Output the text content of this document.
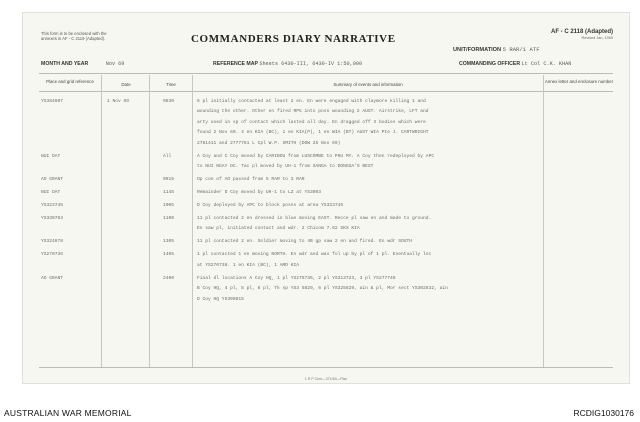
This form is to be enclosed with the annexes in AF - C 2119 (Adapted).	COMMANDERS DIARY NARRATIVE
AF - C 2118 (Adapted)
Revised Jan, 1969
UNIT/FORMATION 5 RAR/1 ATF
MONTH AND YEAR	Nov 69	REFERENCE MAP Sheets 6430-III, 6430-IV 1:50,000	COMMANDING OFFICER Lt Col C.K. KHAN
Place and grid reference
Date	Time	Summary of events and information
Annex letter and enclosure number
1 R P Ckm—371/69—Plac
YS384607	1 Nov 69	0830	6 pl initially contacted at least 2 en. En were engaged with claymore killing 1 and
wounding the other. Other en fired RPG into posn wounding 2 AUST. Airstrike, LFT and
arty used in sp of contact which lasted all day. En dragged off 3 bodies which were
found 2 Nov 69. 4 en KIA (BC), 1 en KIA(P), 1 en WIA (BT) AUST WIA Pte J. CARTWRIGHT
2781411 and 2777781 L Cpl W.P. SMITH (DOW 25 Nov 69)
NUI DAT	All	A Coy and C Coy moved by CARIBOU from LUSCOMBE to PHU MY. A Coy then redeployed by APC
to NUI NGAY DC. Tac pl moved by UH-1 from SANGA to DONGGA'S BEST
AO GRANT	0915	Op con of AO passed from 5 RAR to 3 RAR
NUI DAT	1145	Remainder D Coy moved by UH-1 to LZ at YS3083
YS323745	1005	D Coy deployed by APC to block posns at area YS323745
YS330763	1100	11 pl contacted 2 en dressed in blue moving EAST. Recce pl saw en and made to ground.
En saw pl, initiated contact and wdr. 2 Chicom 7.62 SKS KIA
YS324678	1305	11 pl contacted 2 en. Soldier moving to 4B gp saw 2 en and fired. En wdr SOUTH
YS270736	1405	1 pl contacted 1 en moving NORTH. En wdr and was fol up by pl of 1 pl. Eventually loc
at YS270738. 1 en KIA (BC), 1 AMD KIA
AO GRANT	2400	Final dl locations A Coy HQ, 1 pl YS275735, 2 pl YS313723, 3 pl YS277746
B Coy HQ, 4 pl, 5 pl, 6 pl, Tk sp YS3 5829, 6 pl YS325829, ain & pl, Mor sect YS302832, ain
D Coy HQ YS300815
AUSTRALIAN WAR MEMORIAL	RCDIG1030176
